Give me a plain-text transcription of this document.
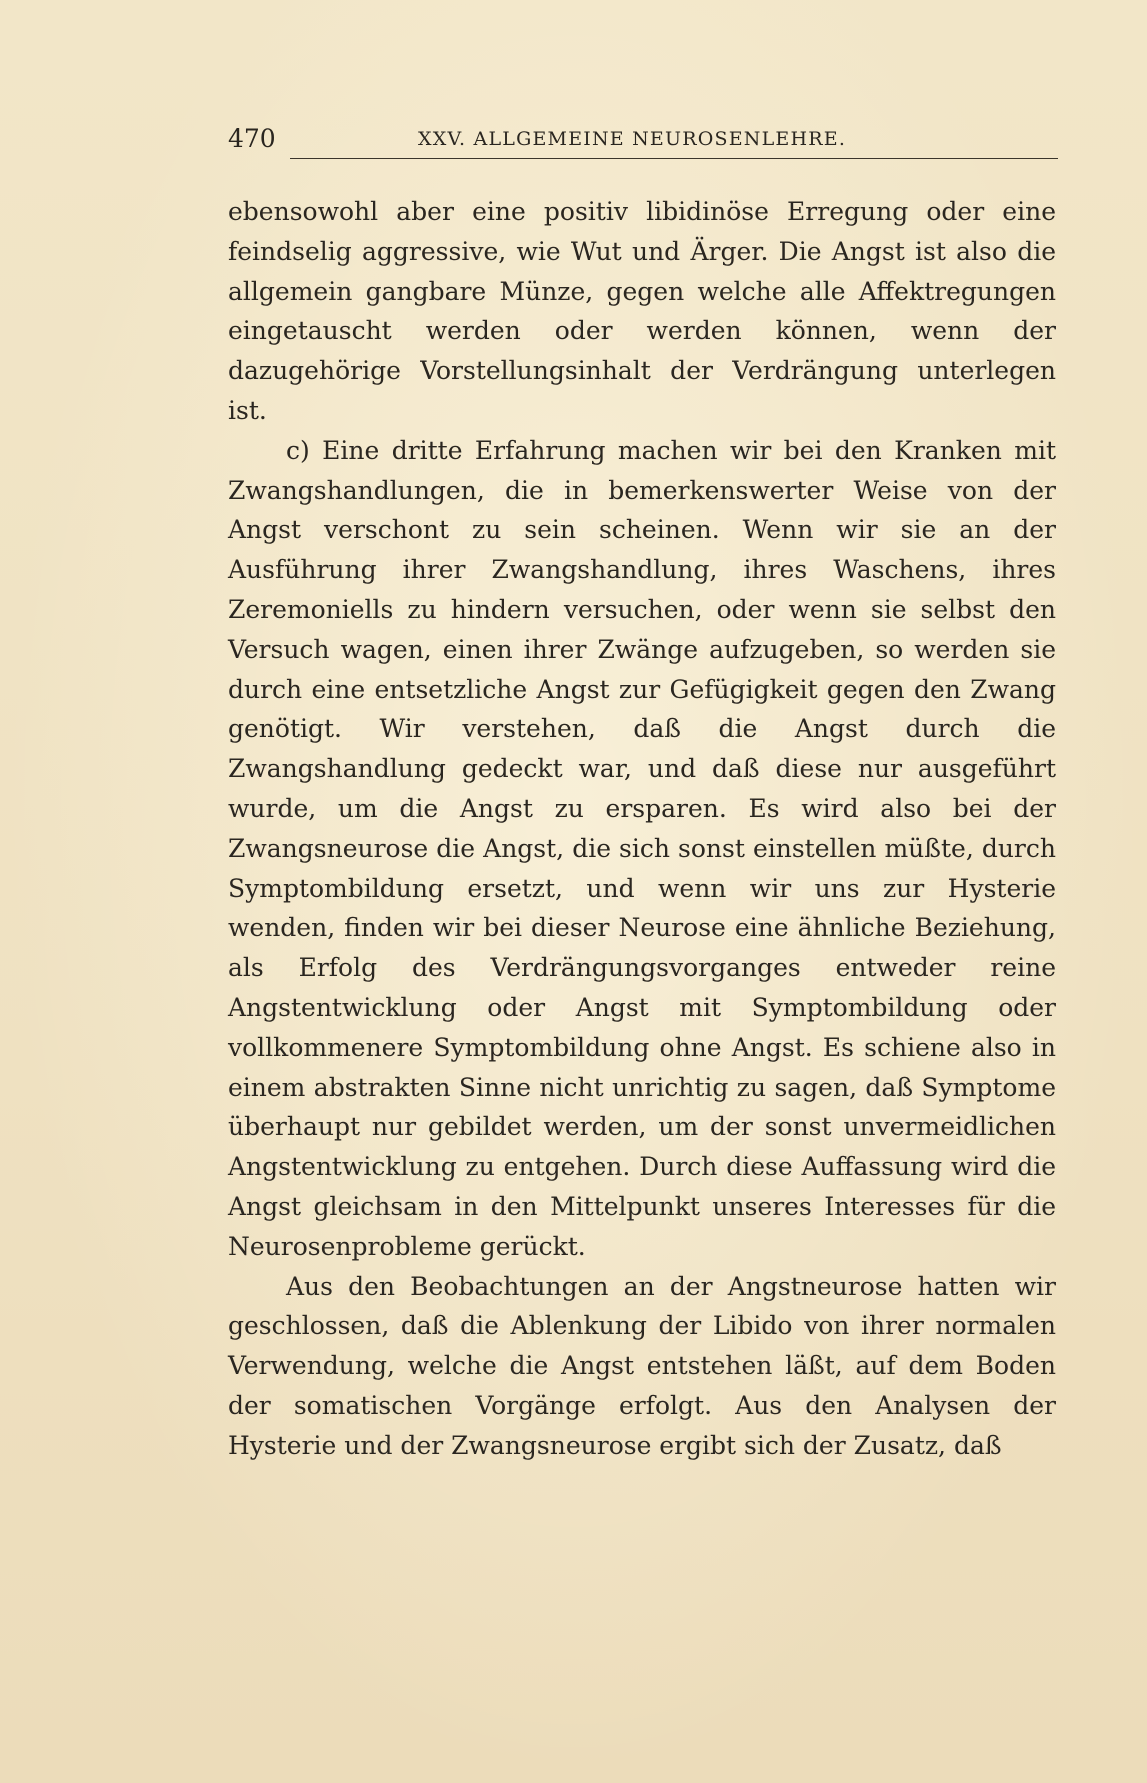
470	XXV. ALLGEMEINE NEUROSENLEHRE.

ebensowohl aber eine positiv libidinöse Erregung oder eine feindselig aggressive, wie Wut und Ärger. Die Angst ist also die allgemein gangbare Münze, gegen welche alle Affektregungen eingetauscht werden oder werden können, wenn der dazugehörige Vorstellungsinhalt der Verdrängung unterlegen ist.

c) Eine dritte Erfahrung machen wir bei den Kranken mit Zwangshandlungen, die in bemerkenswerter Weise von der Angst verschont zu sein scheinen. Wenn wir sie an der Ausführung ihrer Zwangshandlung, ihres Waschens, ihres Zeremoniells zu hindern versuchen, oder wenn sie selbst den Versuch wagen, einen ihrer Zwänge aufzugeben, so werden sie durch eine entsetzliche Angst zur Gefügigkeit gegen den Zwang genötigt. Wir verstehen, daß die Angst durch die Zwangshandlung gedeckt war, und daß diese nur ausgeführt wurde, um die Angst zu ersparen. Es wird also bei der Zwangsneurose die Angst, die sich sonst einstellen müßte, durch Symptombildung ersetzt, und wenn wir uns zur Hysterie wenden, finden wir bei dieser Neurose eine ähnliche Beziehung, als Erfolg des Verdrängungsvorganges entweder reine Angstentwicklung oder Angst mit Symptombildung oder vollkommenere Symptombildung ohne Angst. Es schiene also in einem abstrakten Sinne nicht unrichtig zu sagen, daß Symptome überhaupt nur gebildet werden, um der sonst unvermeidlichen Angstentwicklung zu entgehen. Durch diese Auffassung wird die Angst gleichsam in den Mittelpunkt unseres Interesses für die Neurosenprobleme gerückt.

Aus den Beobachtungen an der Angstneurose hatten wir geschlossen, daß die Ablenkung der Libido von ihrer normalen Verwendung, welche die Angst entstehen läßt, auf dem Boden der somatischen Vorgänge erfolgt. Aus den Analysen der Hysterie und der Zwangsneurose ergibt sich der Zusatz, daß
